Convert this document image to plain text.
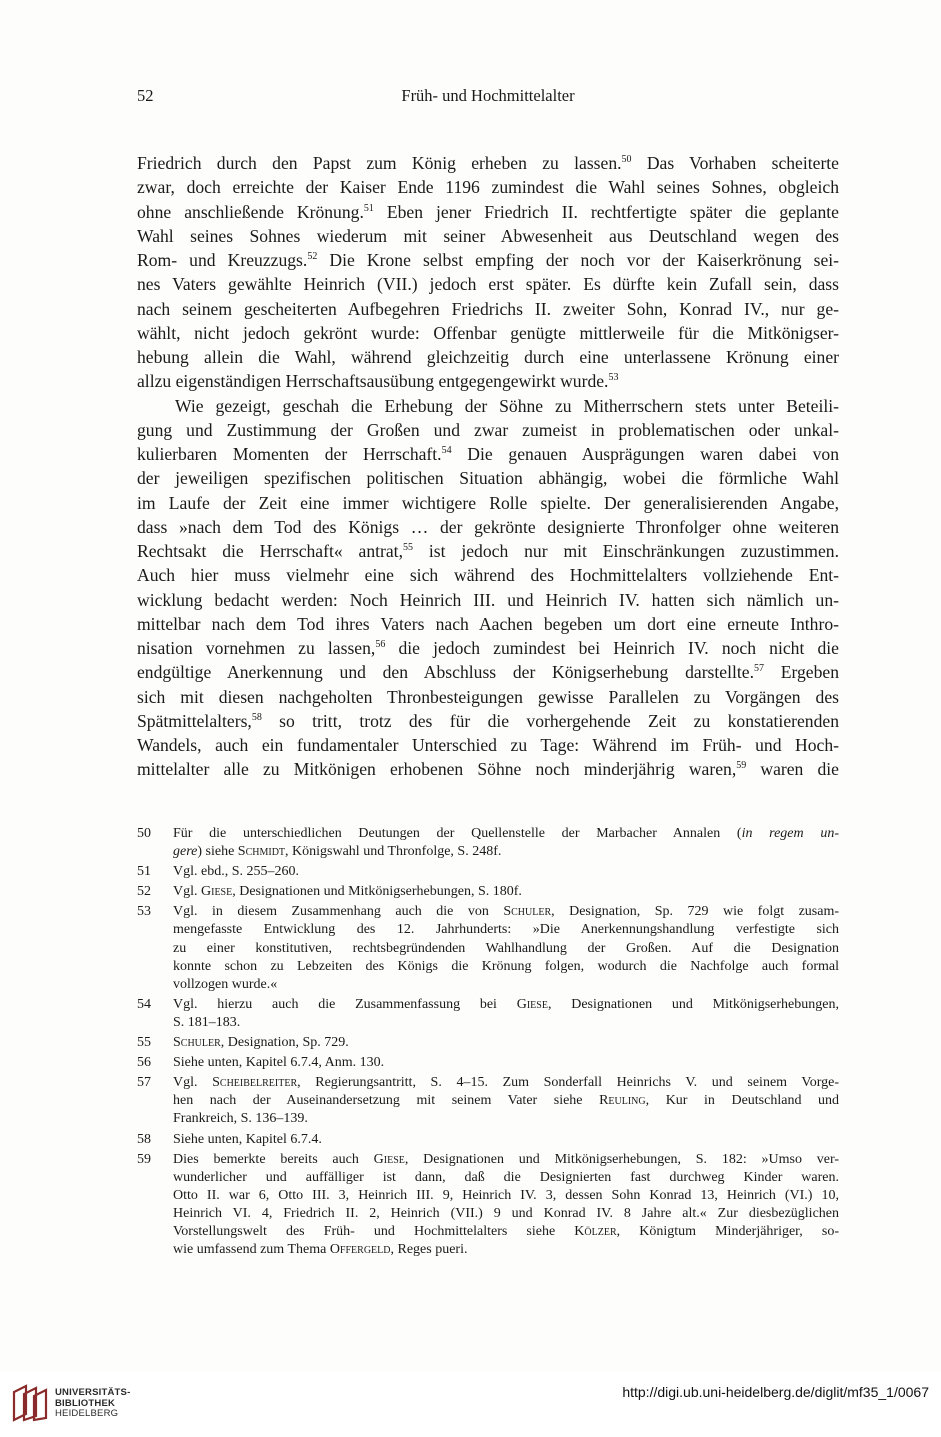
52	Früh- und Hochmittelalter
Friedrich durch den Papst zum König erheben zu lassen.$^{50}$ Das Vorhaben scheiterte
zwar, doch erreichte der Kaiser Ende 1196 zumindest die Wahl seines Sohnes, obgleich
ohne anschließende Krönung.$^{51}$ Eben jener Friedrich II. rechtfertigte später die geplante
Wahl seines Sohnes wiederum mit seiner Abwesenheit aus Deutschland wegen des
Rom- und Kreuzzugs.$^{52}$ Die Krone selbst empfing der noch vor der Kaiserkrönung sei-
nes Vaters gewählte Heinrich (VII.) jedoch erst später. Es dürfte kein Zufall sein, dass
nach seinem gescheiterten Aufbegehren Friedrichs II. zweiter Sohn, Konrad IV., nur ge-
wählt, nicht jedoch gekrönt wurde: Offenbar genügte mittlerweile für die Mitkönigser-
hebung allein die Wahl, während gleichzeitig durch eine unterlassene Krönung einer
allzu eigenständigen Herrschaftsausübung entgegengewirkt wurde.$^{53}$
Wie gezeigt, geschah die Erhebung der Söhne zu Mitherrschern stets unter Beteili-
gung und Zustimmung der Großen und zwar zumeist in problematischen oder unkal-
kulierbaren Momenten der Herrschaft.$^{54}$ Die genauen Ausprägungen waren dabei von
der jeweiligen spezifischen politischen Situation abhängig, wobei die förmliche Wahl
im Laufe der Zeit eine immer wichtigere Rolle spielte. Der generalisierenden Angabe,
dass »nach dem Tod des Königs … der gekrönte designierte Thronfolger ohne weiteren
Rechtsakt die Herrschaft« antrat,$^{55}$ ist jedoch nur mit Einschränkungen zuzustimmen.
Auch hier muss vielmehr eine sich während des Hochmittelalters vollziehende Ent-
wicklung bedacht werden: Noch Heinrich III. und Heinrich IV. hatten sich nämlich un-
mittelbar nach dem Tod ihres Vaters nach Aachen begeben um dort eine erneute Inthro-
nisation vornehmen zu lassen,$^{56}$ die jedoch zumindest bei Heinrich IV. noch nicht die
endgültige Anerkennung und den Abschluss der Königserhebung darstellte.$^{57}$ Ergeben
sich mit diesen nachgeholten Thronbesteigungen gewisse Parallelen zu Vorgängen des
Spätmittelalters,$^{58}$ so tritt, trotz des für die vorhergehende Zeit zu konstatierenden
Wandels, auch ein fundamentaler Unterschied zu Tage: Während im Früh- und Hoch-
mittelalter alle zu Mitkönigen erhobenen Söhne noch minderjährig waren,$^{59}$ waren die
50 Für die unterschiedlichen Deutungen der Quellenstelle der Marbacher Annalen (in regem un-
gere) siehe Schmidt, Königswahl und Thronfolge, S. 248f.
51 Vgl. ebd., S. 255–260.
52 Vgl. Giese, Designationen und Mitkönigserhebungen, S. 180f.
53 Vgl. in diesem Zusammenhang auch die von Schuler, Designation, Sp. 729 wie folgt zusam-
mengefasste Entwicklung des 12. Jahrhunderts: »Die Anerkennungshandlung verfestigte sich
zu einer konstitutiven, rechtsbegründenden Wahlhandlung der Großen. Auf die Designation
konnte schon zu Lebzeiten des Königs die Krönung folgen, wodurch die Nachfolge auch formal
vollzogen wurde.«
54 Vgl. hierzu auch die Zusammenfassung bei Giese, Designationen und Mitkönigserhebungen,
S. 181–183.
55 Schuler, Designation, Sp. 729.
56 Siehe unten, Kapitel 6.7.4, Anm. 130.
57 Vgl. Scheibelreiter, Regierungsantritt, S. 4–15. Zum Sonderfall Heinrichs V. und seinem Vorge-
hen nach der Auseinandersetzung mit seinem Vater siehe Reuling, Kur in Deutschland und
Frankreich, S. 136–139.
58 Siehe unten, Kapitel 6.7.4.
59 Dies bemerkte bereits auch Giese, Designationen und Mitkönigserhebungen, S. 182: »Umso ver-
wunderlicher und auffälliger ist dann, daß die Designierten fast durchweg Kinder waren.
Otto II. war 6, Otto III. 3, Heinrich III. 9, Heinrich IV. 3, dessen Sohn Konrad 13, Heinrich (VI.) 10,
Heinrich VI. 4, Friedrich II. 2, Heinrich (VII.) 9 und Konrad IV. 8 Jahre alt.« Zur diesbezüglichen
Vorstellungswelt des Früh- und Hochmittelalters siehe Kölzer, Königtum Minderjähriger, so-
wie umfassend zum Thema Offergeld, Reges pueri.
UNIVERSITÄTS-
BIBLIOTHEK
HEIDELBERG
http://digi.ub.uni-heidelberg.de/diglit/mf35_1/0067
